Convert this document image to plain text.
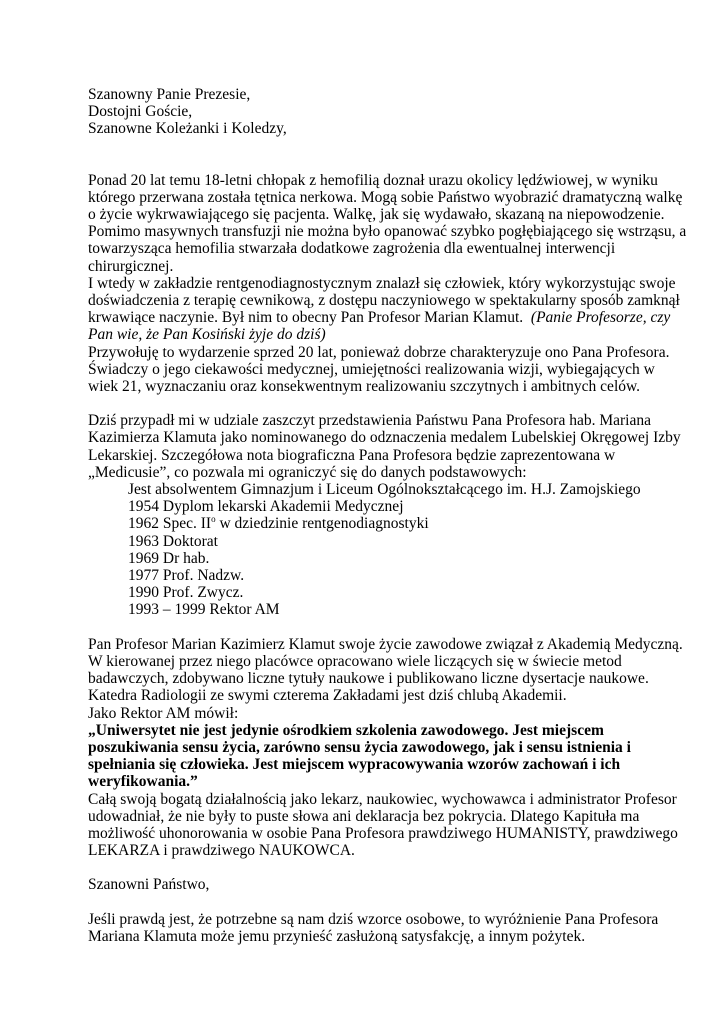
Szanowny Panie Prezesie,

Dostojni Goście,

Szanowne Koleżanki i Koledzy,

Ponad 20 lat temu 18-letni chłopak z hemofilią doznał urazu okolicy lędźwiowej, w wyniku którego przerwana została tętnica nerkowa. Mogą sobie Państwo wyobrazić dramatyczną walkę o życie wykrwawiającego się pacjenta. Walkę, jak się wydawało, skazaną na niepowodzenie. Pomimo masywnych transfuzji nie można było opanować szybko pogłębiającego się wstrząsu, a towarzysząca hemofilia stwarzała dodatkowe zagrożenia dla ewentualnej interwencji chirurgicznej.

I wtedy w zakładzie rentgenodiagnostycznym znalazł się człowiek, który wykorzystując swoje doświadczenia z terapię cewnikową, z dostępu naczyniowego w spektakularny sposób zamknął krwawiące naczynie. Był nim to obecny Pan Profesor Marian Klamut. (Panie Profesorze, czy Pan wie, że Pan Kosiński żyje do dziś)

Przywołuję to wydarzenie sprzed 20 lat, ponieważ dobrze charakteryzuje ono Pana Profesora. Świadczy o jego ciekawości medycznej, umiejętności realizowania wizji, wybiegających w wiek 21, wyznaczaniu oraz konsekwentnym realizowaniu szczytnych i ambitnych celów.

Dziś przypadł mi w udziale zaszczyt przedstawienia Państwu Pana Profesora hab. Mariana Kazimierza Klamuta jako nominowanego do odznaczenia medalem Lubelskiej Okręgowej Izby Lekarskiej. Szczegółowa nota biograficzna Pana Profesora będzie zaprezentowana w „Medicusie”, co pozwala mi ograniczyć się do danych podstawowych:

Jest absolwentem Gimnazjum i Liceum Ogólnokształcącego im. H.J. Zamojskiego
1954 Dyplom lekarski Akademii Medycznej
1962 Spec. $II^o$ w dziedzinie rentgenodiagnostyki
1963 Doktorat
1969 Dr hab.
1977 Prof. Nadzw.
1990 Prof. Zwycz.
1993 – 1999 Rektor AM

Pan Profesor Marian Kazimierz Klamut swoje życie zawodowe związał z Akademią Medyczną. W kierowanej przez niego placówce opracowano wiele liczących się w świecie metod badawczych, zdobywano liczne tytuły naukowe i publikowano liczne dysertacje naukowe. Katedra Radiologii ze swymi czterema Zakładami jest dziś chlubą Akademii.

Jako Rektor AM mówił:

„Uniwersytet nie jest jedynie ośrodkiem szkolenia zawodowego. Jest miejscem poszukiwania sensu życia, zarówno sensu życia zawodowego, jak i sensu istnienia i spełniania się człowieka. Jest miejscem wypracowywania wzorów zachowań i ich weryfikowania.”

Całą swoją bogatą działalnością jako lekarz, naukowiec, wychowawca i administrator Profesor udowadniał, że nie były to puste słowa ani deklaracja bez pokrycia. Dlatego Kapituła ma możliwość uhonorowania w osobie Pana Profesora prawdziwego HUMANISTY, prawdziwego LEKARZA i prawdziwego NAUKOWCA.

Szanowni Państwo,

Jeśli prawdą jest, że potrzebne są nam dziś wzorce osobowe, to wyróżnienie Pana Profesora Mariana Klamuta może jemu przynieść zasłużoną satysfakcję, a innym pożytek.
